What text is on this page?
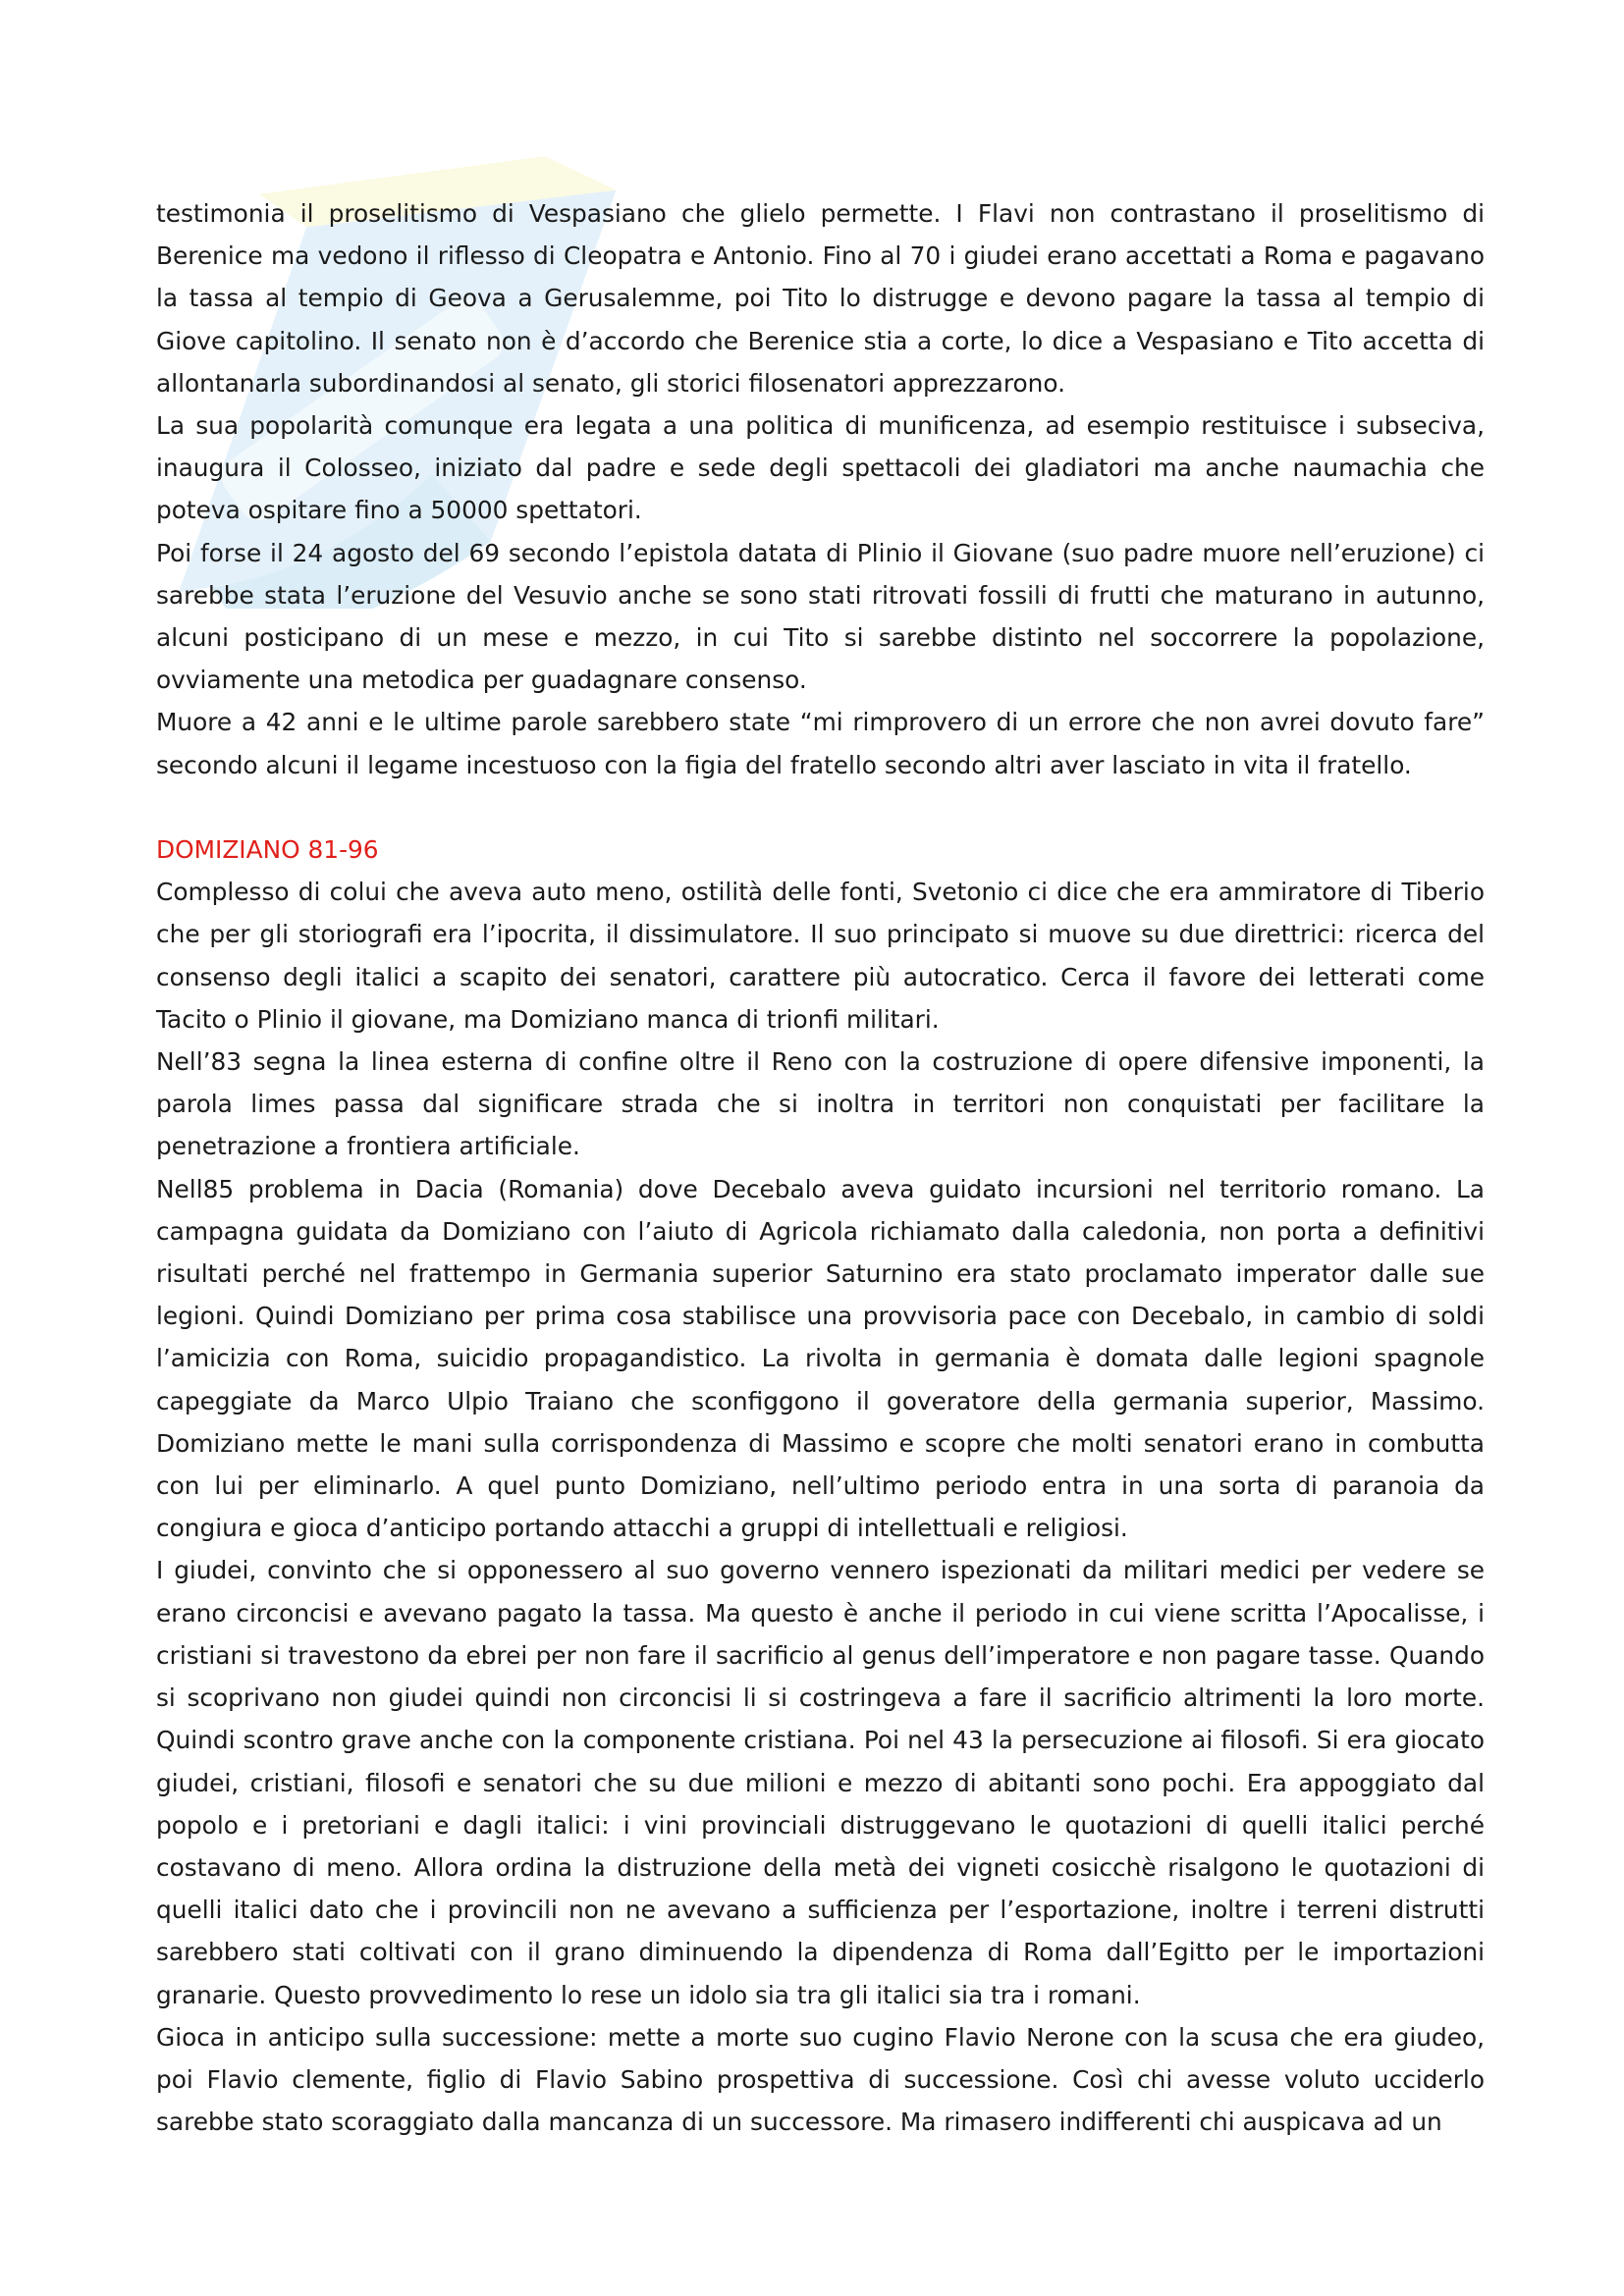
testimonia il proselitismo di Vespasiano che glielo permette. I Flavi non contrastano il proselitismo di Berenice ma vedono il riflesso di Cleopatra e Antonio. Fino al 70 i giudei erano accettati a Roma e pagavano la tassa al tempio di Geova a Gerusalemme, poi Tito lo distrugge e devono pagare la tassa al tempio di Giove capitolino. Il senato non è d’accordo che Berenice stia a corte, lo dice a Vespasiano e Tito accetta di allontanarla subordinandosi al senato, gli storici filosenatori apprezzarono.

La sua popolarità comunque era legata a una politica di munificenza, ad esempio restituisce i subseciva, inaugura il Colosseo, iniziato dal padre e sede degli spettacoli dei gladiatori ma anche naumachia che poteva ospitare fino a 50000 spettatori.

Poi forse il 24 agosto del 69 secondo l’epistola datata di Plinio il Giovane (suo padre muore nell’eruzione) ci sarebbe stata l’eruzione del Vesuvio anche se sono stati ritrovati fossili di frutti che maturano in autunno, alcuni posticipano di un mese e mezzo, in cui Tito si sarebbe distinto nel soccorrere la popolazione, ovviamente una metodica per guadagnare consenso.

Muore a 42 anni e le ultime parole sarebbero state “mi rimprovero di un errore che non avrei dovuto fare” secondo alcuni il legame incestuoso con la figia del fratello secondo altri aver lasciato in vita il fratello.

DOMIZIANO 81-96

Complesso di colui che aveva auto meno, ostilità delle fonti, Svetonio ci dice che era ammiratore di Tiberio che per gli storiografi era l’ipocrita, il dissimulatore. Il suo principato si muove su due direttrici: ricerca del consenso degli italici a scapito dei senatori, carattere più autocratico. Cerca il favore dei letterati come Tacito o Plinio il giovane, ma Domiziano manca di trionfi militari.

Nell’83 segna la linea esterna di confine oltre il Reno con la costruzione di opere difensive imponenti, la parola limes passa dal significare strada che si inoltra in territori non conquistati per facilitare la penetrazione a frontiera artificiale.

Nell85 problema in Dacia (Romania) dove Decebalo aveva guidato incursioni nel territorio romano. La campagna guidata da Domiziano con l’aiuto di Agricola richiamato dalla caledonia, non porta a definitivi risultati perché nel frattempo in Germania superior Saturnino era stato proclamato imperator dalle sue legioni. Quindi Domiziano per prima cosa stabilisce una provvisoria pace con Decebalo, in cambio di soldi l’amicizia con Roma, suicidio propagandistico. La rivolta in germania è domata dalle legioni spagnole capeggiate da Marco Ulpio Traiano che sconfiggono il goveratore della germania superior, Massimo. Domiziano mette le mani sulla corrispondenza di Massimo e scopre che molti senatori erano in combutta con lui per eliminarlo. A quel punto Domiziano, nell’ultimo periodo entra in una sorta di paranoia da congiura e gioca d’anticipo portando attacchi a gruppi di intellettuali e religiosi.

I giudei, convinto che si opponessero al suo governo vennero ispezionati da militari medici per vedere se erano circoncisi e avevano pagato la tassa. Ma questo è anche il periodo in cui viene scritta l’Apocalisse, i cristiani si travestono da ebrei per non fare il sacrificio al genus dell’imperatore e non pagare tasse. Quando si scoprivano non giudei quindi non circoncisi li si costringeva a fare il sacrificio altrimenti la loro morte. Quindi scontro grave anche con la componente cristiana. Poi nel 43 la persecuzione ai filosofi. Si era giocato giudei, cristiani, filosofi e senatori che su due milioni e mezzo di abitanti sono pochi. Era appoggiato dal popolo e i pretoriani e dagli italici: i vini provinciali distruggevano le quotazioni di quelli italici perché costavano di meno. Allora ordina la distruzione della metà dei vigneti cosicchè risalgono le quotazioni di quelli italici dato che i provincili non ne avevano a sufficienza per l’esportazione, inoltre i terreni distrutti sarebbero stati coltivati con il grano diminuendo la dipendenza di Roma dall’Egitto per le importazioni granarie. Questo provvedimento lo rese un idolo sia tra gli italici sia tra i romani.

Gioca in anticipo sulla successione: mette a morte suo cugino Flavio Nerone con la scusa che era giudeo, poi Flavio clemente, figlio di Flavio Sabino prospettiva di successione. Così chi avesse voluto ucciderlo sarebbe stato scoraggiato dalla mancanza di un successore. Ma rimasero indifferenti chi auspicava ad un
